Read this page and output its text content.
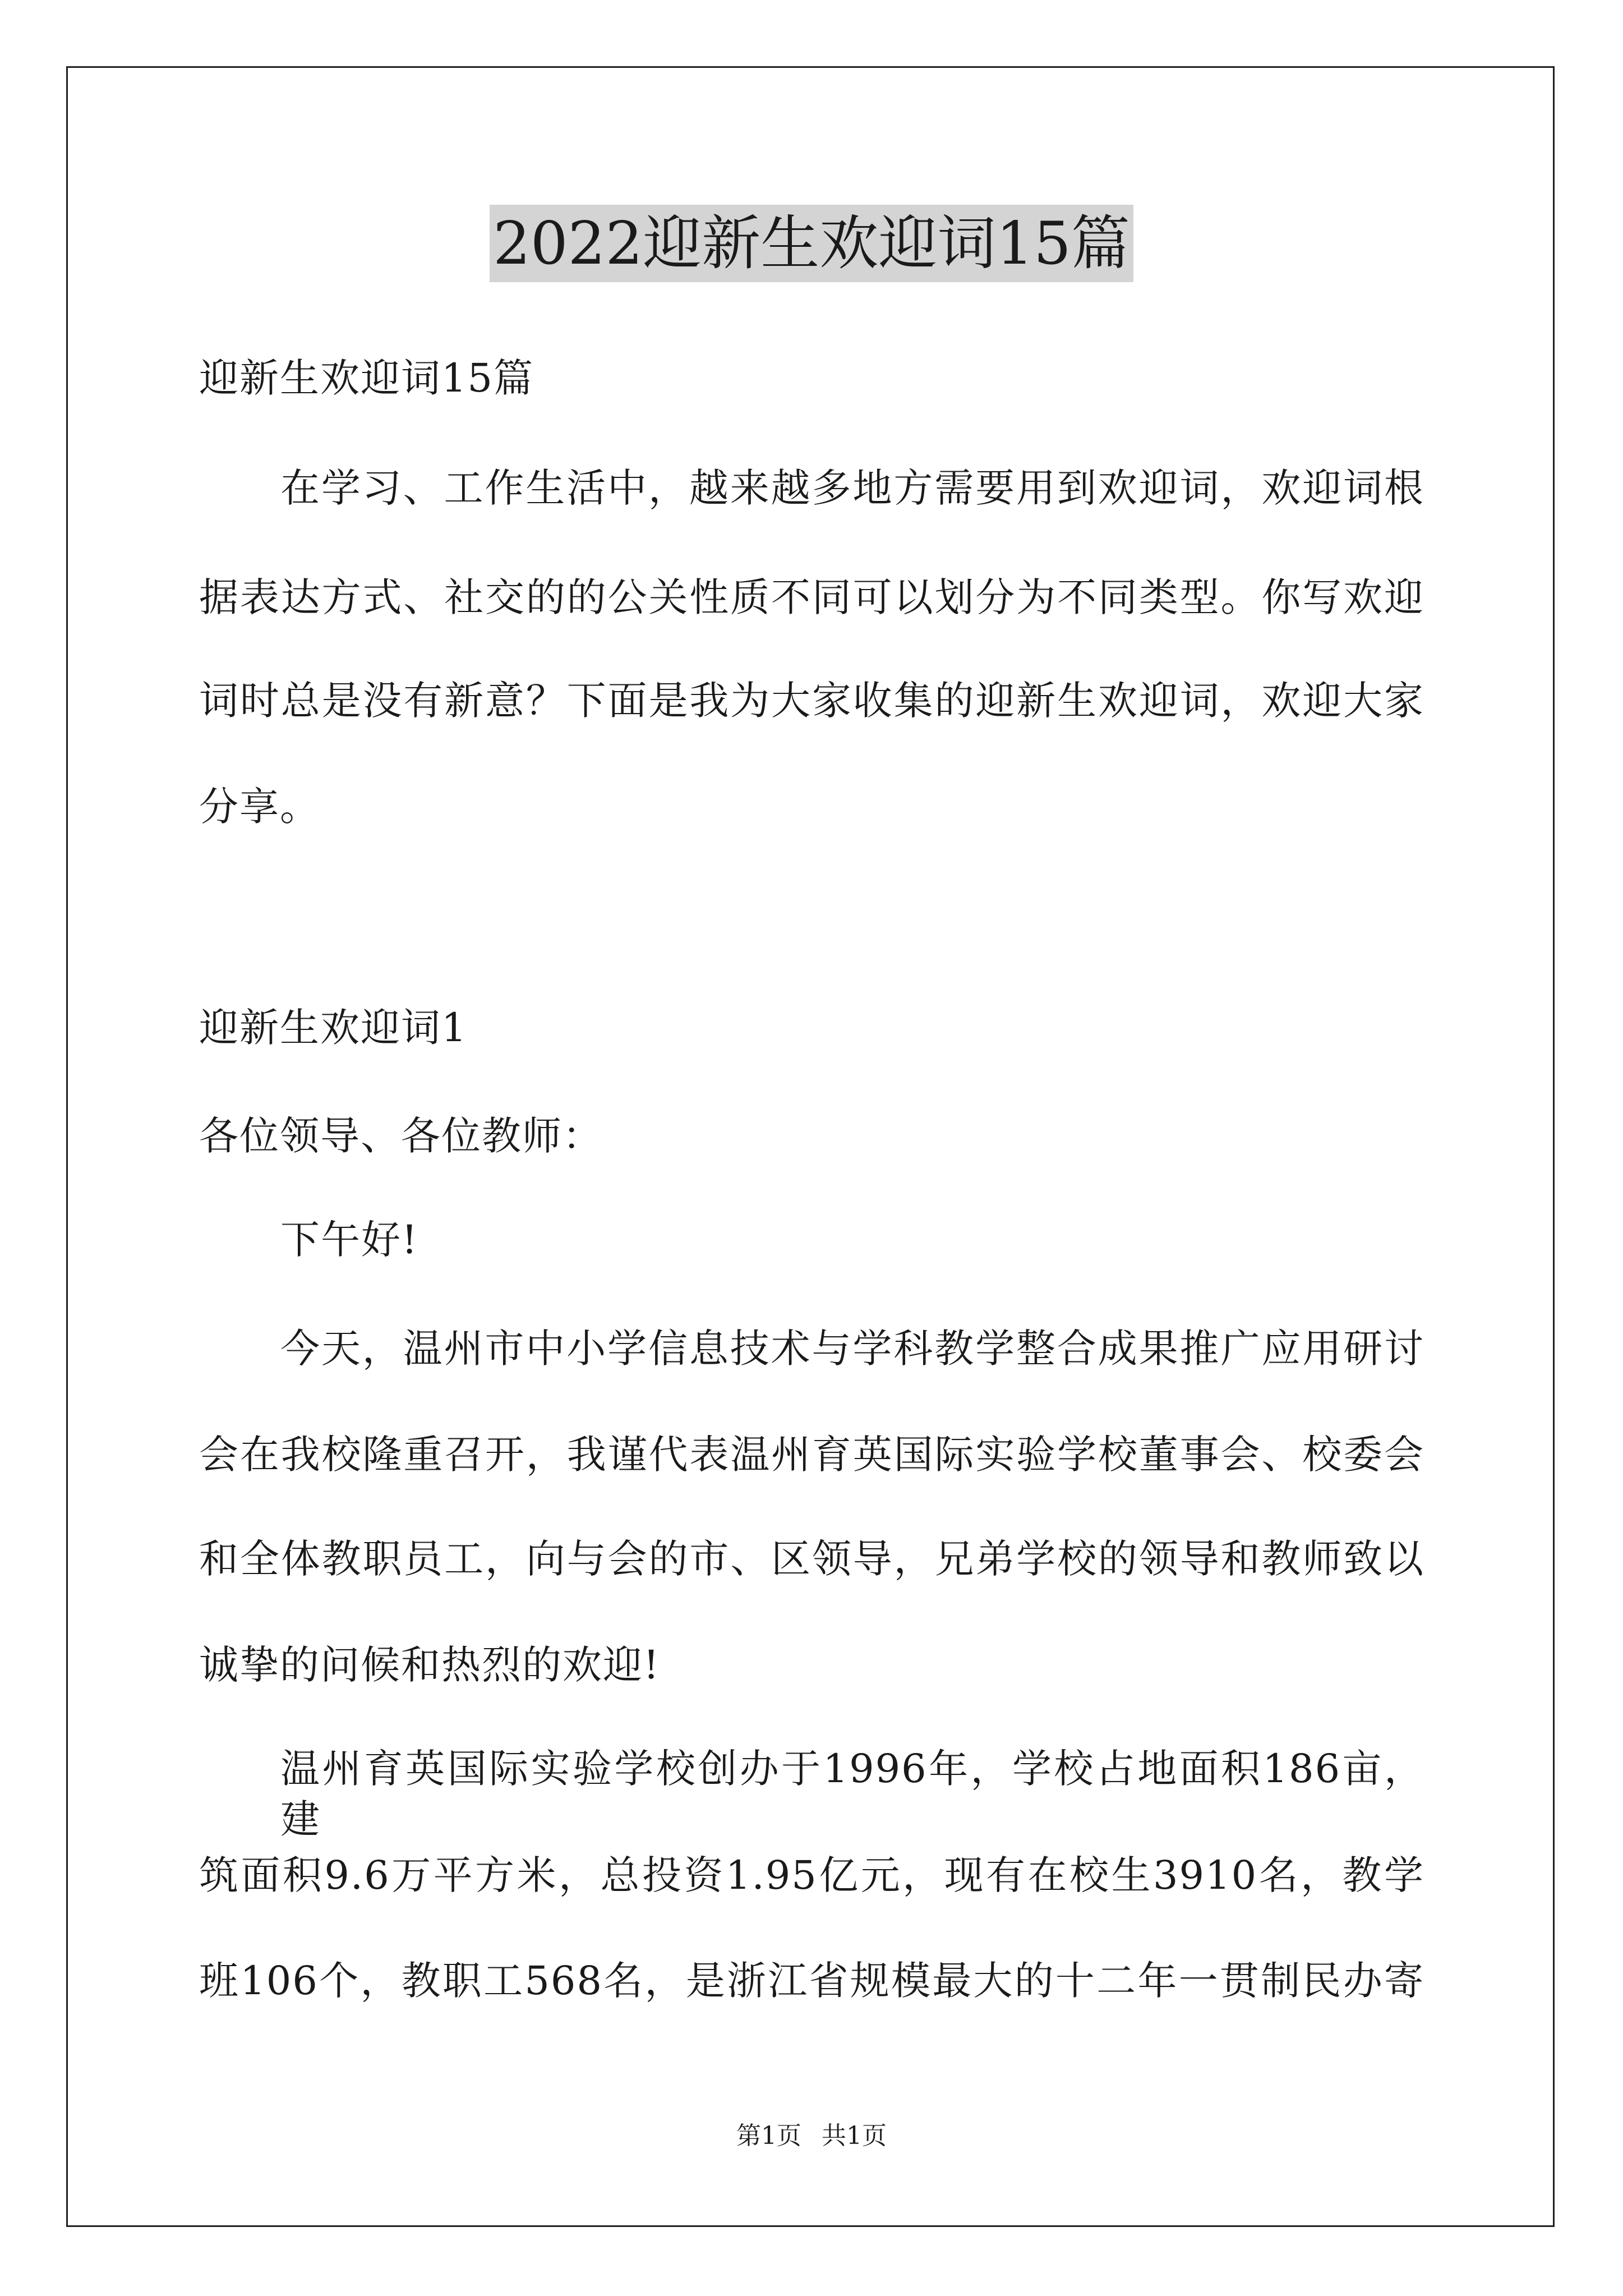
2022迎新生欢迎词15篇
迎新生欢迎词15篇
在学习、工作生活中，越来越多地方需要用到欢迎词，欢迎词根
据表达方式、社交的的公关性质不同可以划分为不同类型。你写欢迎
词时总是没有新意？下面是我为大家收集的迎新生欢迎词，欢迎大家
分享。
迎新生欢迎词1
各位领导、各位教师：
下午好!
今天，温州市中小学信息技术与学科教学整合成果推广应用研讨
会在我校隆重召开，我谨代表温州育英国际实验学校董事会、校委会
和全体教职员工，向与会的市、区领导，兄弟学校的领导和教师致以
诚挚的问候和热烈的欢迎!
温州育英国际实验学校创办于1996年，学校占地面积186亩，建
筑面积9.6万平方米，总投资1.95亿元，现有在校生3910名，教学
班106个，教职工568名，是浙江省规模最大的十二年一贯制民办寄
第1页 共1页
